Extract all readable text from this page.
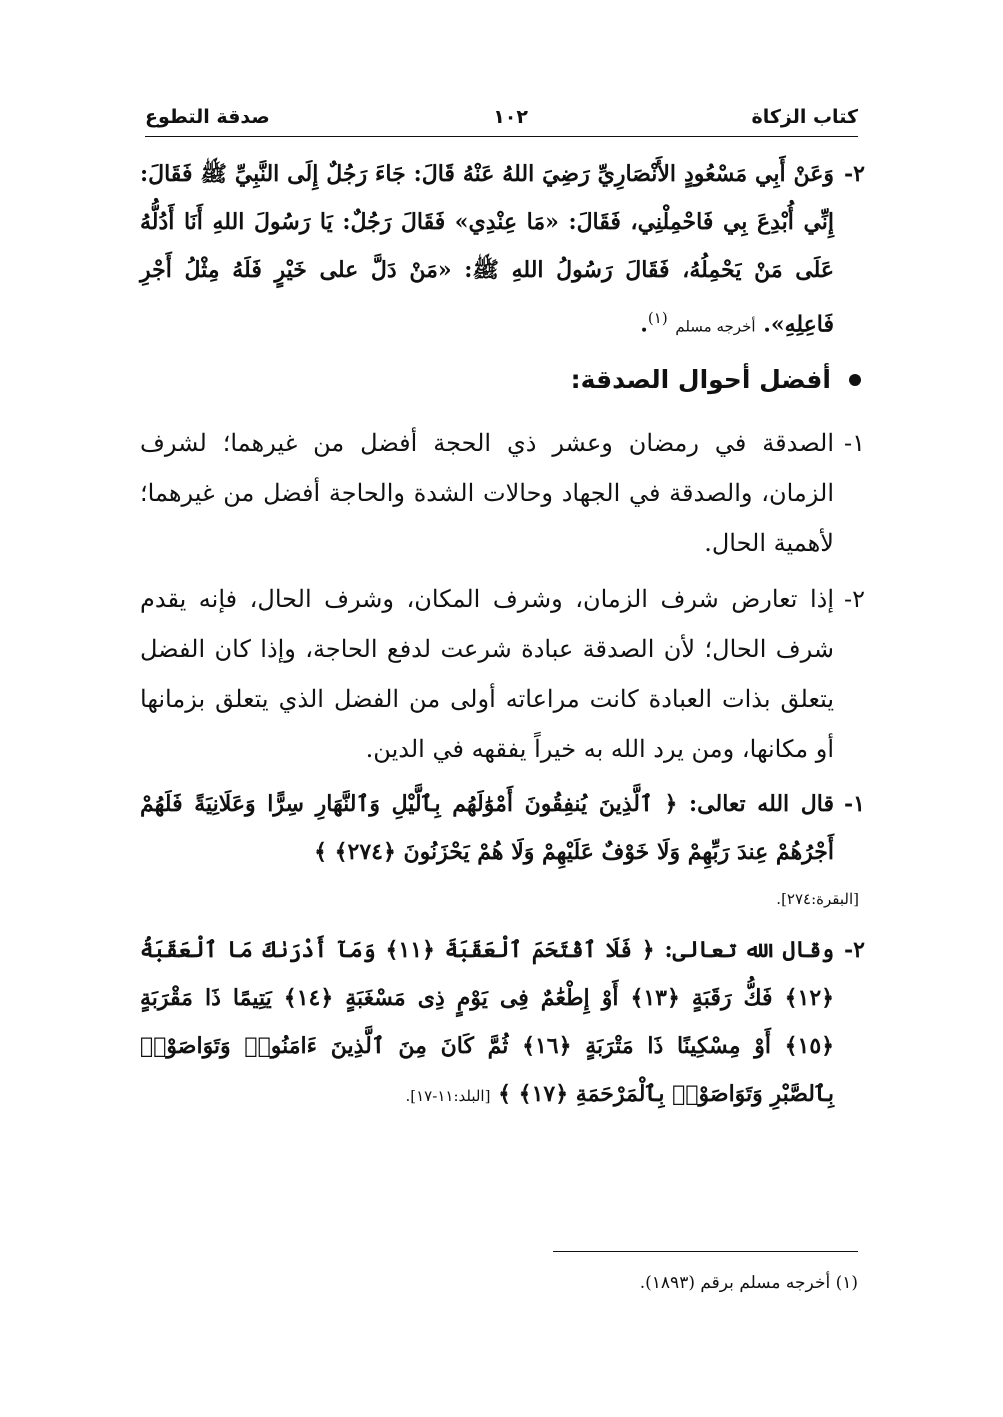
كتاب الزكاة
١٠٢
صدقة التطوع
٢-
وَعَنْ أَبِي مَسْعُودٍ الأَنْصَارِيِّ رَضِيَ اللهُ عَنْهُ قَالَ: جَاءَ رَجُلٌ إِلَى النَّبِيِّ ﷺ فَقَالَ: إِنِّي أُبْدِعَ بِي فَاحْمِلْنِي، فَقَالَ: «مَا عِنْدِي» فَقَالَ رَجُلٌ: يَا رَسُولَ اللهِ أَنَا أَدُلُّهُ عَلَى مَنْ يَحْمِلُهُ، فَقَالَ رَسُولُ اللهِ ﷺ: «مَنْ دَلَّ على خَيْرٍ فَلَهُ مِثْلُ أَجْرِ فَاعِلِهِ». أخرجه مسلم $^{(١)}$.
أفضل أحوال الصدقة:
١-
الصدقة في رمضان وعشر ذي الحجة أفضل من غيرهما؛ لشرف الزمان، والصدقة في الجهاد وحالات الشدة والحاجة أفضل من غيرهما؛ لأهمية الحال.
٢-
إذا تعارض شرف الزمان، وشرف المكان، وشرف الحال، فإنه يقدم شرف الحال؛ لأن الصدقة عبادة شرعت لدفع الحاجة، وإذا كان الفضل يتعلق بذات العبادة كانت مراعاته أولى من الفضل الذي يتعلق بزمانها أو مكانها، ومن يرد الله به خيراً يفقهه في الدين.
١-
قال الله تعالى: ﴿ ٱلَّذِينَ يُنفِقُونَ أَمْوَٰلَهُم بِٱلَّيْلِ وَٱلنَّهَارِ سِرًّا وَعَلَانِيَةً فَلَهُمْ أَجْرُهُمْ عِندَ رَبِّهِمْ وَلَا خَوْفٌ عَلَيْهِمْ وَلَا هُمْ يَحْزَنُونَ ﴿٢٧٤﴾ ﴾
[البقرة:٢٧٤].
٢-
وقال الله تعالى: ﴿ فَلَا ٱقْتَحَمَ ٱلْعَقَبَةَ ﴿١١﴾ وَمَآ أَدْرَىٰكَ مَا ٱلْعَقَبَةُ ﴿١٢﴾ فَكُّ رَقَبَةٍ ﴿١٣﴾ أَوْ إِطْعَٰمٌ فِى يَوْمٍ ذِى مَسْغَبَةٍ ﴿١٤﴾ يَتِيمًا ذَا مَقْرَبَةٍ ﴿١٥﴾ أَوْ مِسْكِينًا ذَا مَتْرَبَةٍ ﴿١٦﴾ ثُمَّ كَانَ مِنَ ٱلَّذِينَ ءَامَنُوا۟ وَتَوَاصَوْا۟ بِٱلصَّبْرِ وَتَوَاصَوْا۟ بِٱلْمَرْحَمَةِ ﴿١٧﴾ ﴾ [البلد:١١-١٧].
(١) أخرجه مسلم برقم (١٨٩٣).
